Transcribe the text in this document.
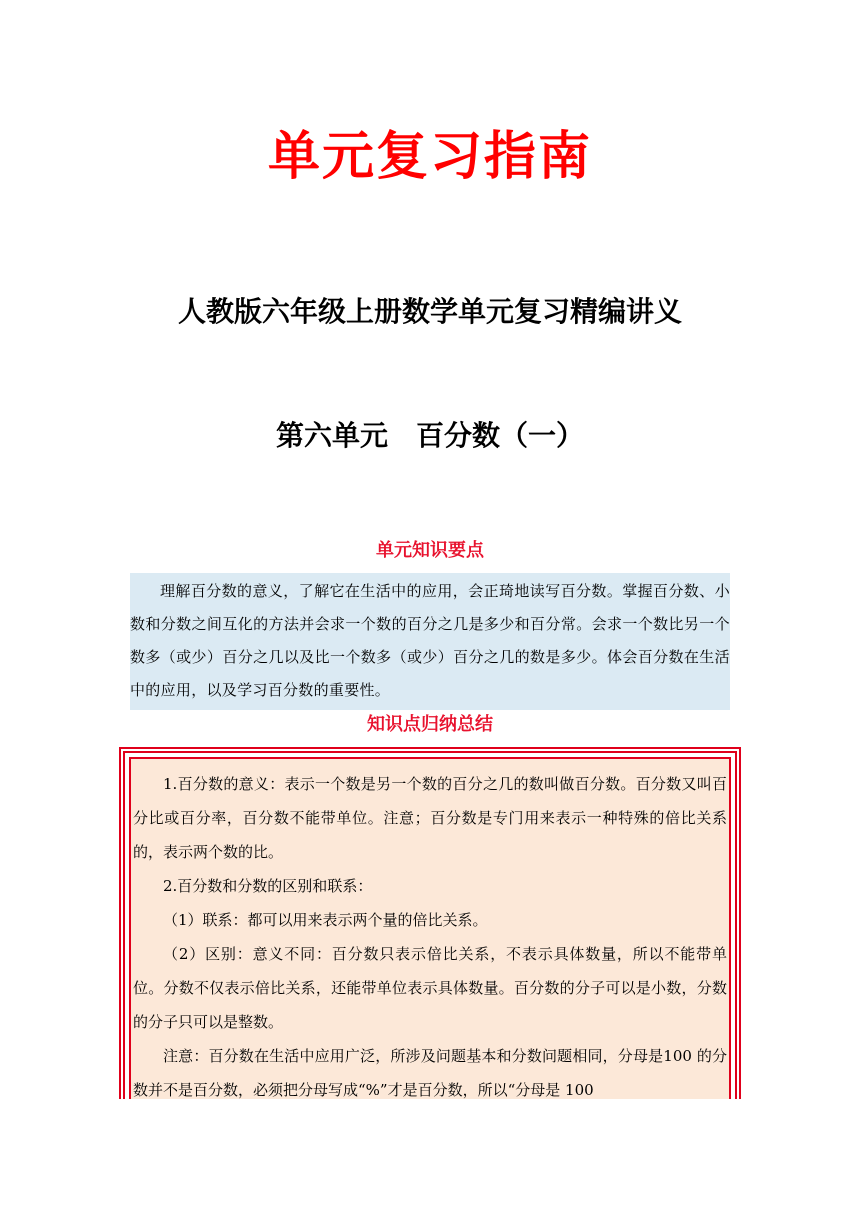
单元复习指南
人教版六年级上册数学单元复习精编讲义
第六单元　百分数（一）
单元知识要点

理解百分数的意义，了解它在生活中的应用，会正琦地读写百分数。掌握百分数、小数和分数之间互化的方法并会求一个数的百分之几是多少和百分常。会求一个数比另一个数多（或少）百分之几以及比一个数多（或少）百分之几的数是多少。体会百分数在生活中的应用，以及学习百分数的重要性。

知识点归纳总结

1.百分数的意义：表示一个数是另一个数的百分之几的数叫做百分数。百分数又叫百分比或百分率，百分数不能带单位。注意；百分数是专门用来表示一种特殊的倍比关系的，表示两个数的比。

2.百分数和分数的区别和联系：

（1）联系：都可以用来表示两个量的倍比关系。

（2）区别：意义不同：百分数只表示倍比关系，不表示具体数量，所以不能带单位。分数不仅表示倍比关系，还能带单位表示具体数量。百分数的分子可以是小数，分数的分子只可以是整数。

注意：百分数在生活中应用广泛，所涉及问题基本和分数问题相同，分母是100 的分数并不是百分数，必须把分母写成“%”才是百分数，所以“分母是 100
